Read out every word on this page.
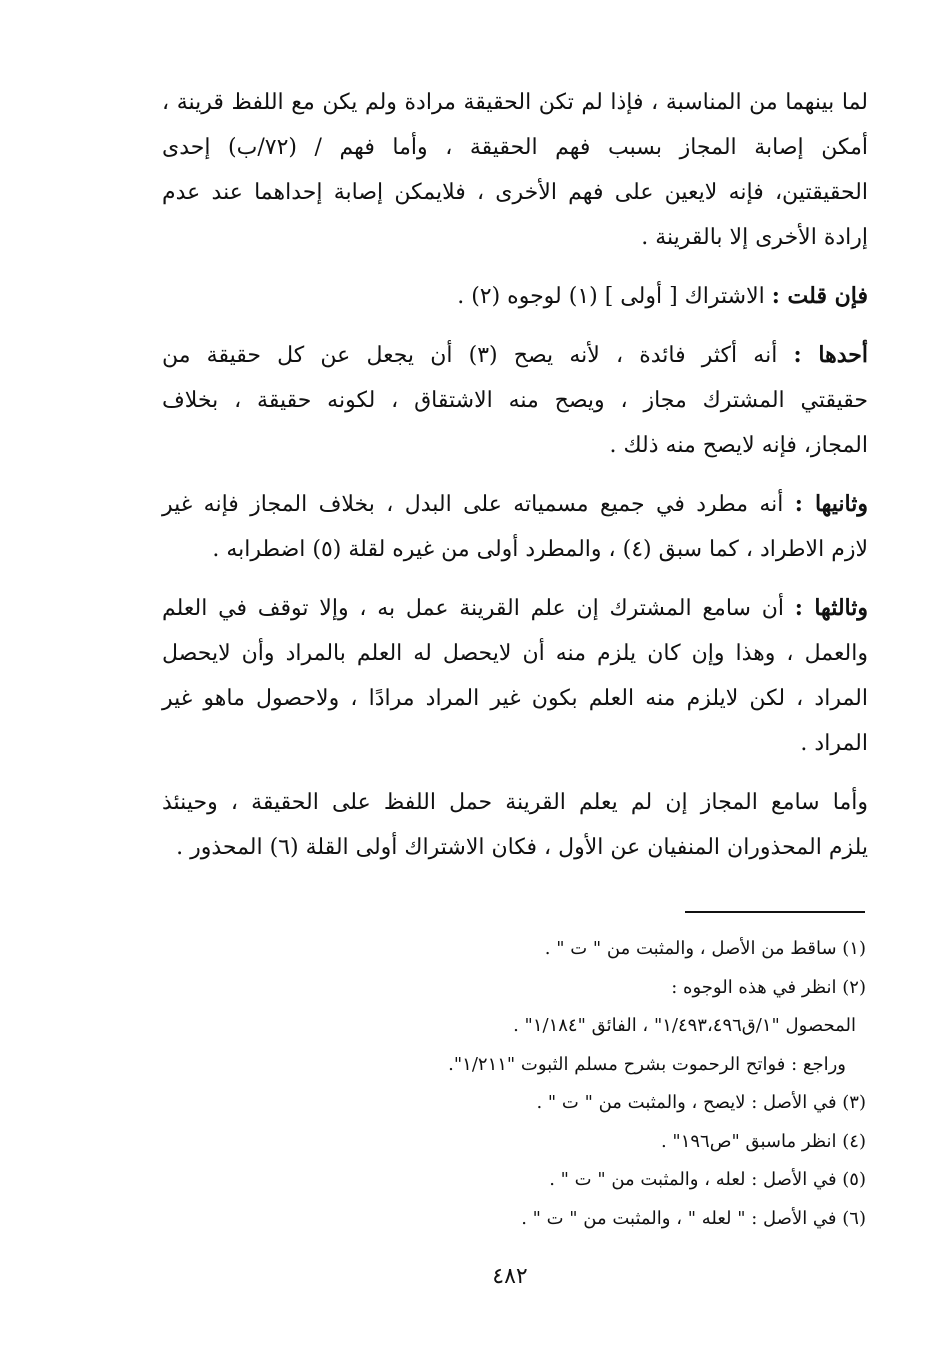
لما بينهما من المناسبة ، فإذا لم تكن الحقيقة مرادة ولم يكن مع اللفظ قرينة ،
أمكن إصابة المجاز بسبب فهم الحقيقة ، وأما فهم / (٧٢/ب) إحدى
الحقيقتين، فإنه لايعين على فهم الأخرى ، فلايمكن إصابة إحداهما عند عدم
إرادة الأخرى إلا بالقرينة .
فإن قلت : الاشتراك [ أولى ] (١) لوجوه (٢) .
أحدها : أنه أكثر فائدة ، لأنه يصح (٣) أن يجعل عن كل حقيقة من
حقيقتي المشترك مجاز ، ويصح منه الاشتقاق ، لكونه حقيقة ، بخلاف
المجاز، فإنه لايصح منه ذلك .
وثانيها : أنه مطرد في جميع مسمياته على البدل ، بخلاف المجاز فإنه غير
لازم الاطراد ، كما سبق (٤) ، والمطرد أولى من غيره لقلة (٥) اضطرابه .
وثالثها : أن سامع المشترك إن علم القرينة عمل به ، وإلا توقف في العلم
والعمل ، وهذا وإن كان يلزم منه أن لايحصل له العلم بالمراد وأن لايحصل
المراد ، لكن لايلزم منه العلم بكون غير المراد مرادًا ، ولاحصول ماهو غير
المراد .
وأما سامع المجاز إن لم يعلم القرينة حمل اللفظ على الحقيقة ، وحينئذ
يلزم المحذوران المنفيان عن الأول ، فكان الاشتراك أولى القلة (٦) المحذور .
(١) ساقط من الأصل ، والمثبت من " ت " .
(٢) انظر في هذه الوجوه :
المحصول "١/ق١/٤٩٣،٤٩٦" ، الفائق "١/١٨٤" .
وراجع : فواتح الرحموت بشرح مسلم الثبوت "١/٢١١".
(٣) في الأصل : لايصح ، والمثبت من " ت " .
(٤) انظر ماسبق "ص١٩٦" .
(٥) في الأصل : لعله ، والمثبت من " ت " .
(٦) في الأصل : " لعله " ، والمثبت من " ت " .
٤٨٢
